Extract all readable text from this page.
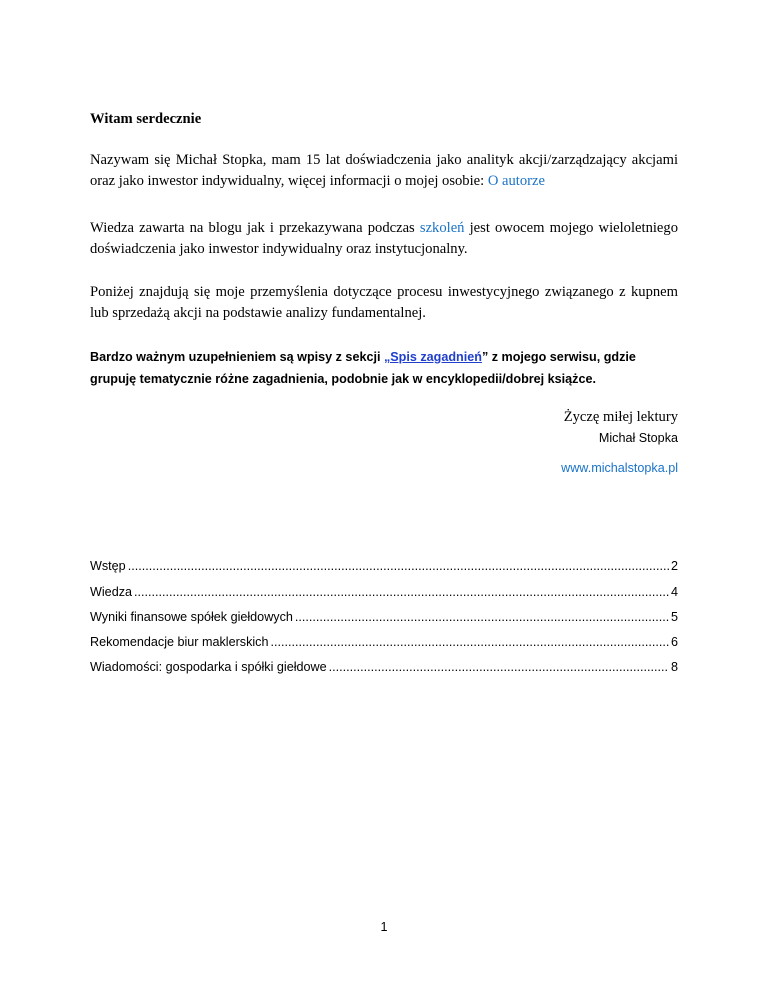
Witam serdecznie
Nazywam się Michał Stopka, mam 15 lat doświadczenia jako analityk akcji/zarządzający akcjami oraz jako inwestor indywidualny, więcej informacji o mojej osobie: O autorze
Wiedza zawarta na blogu jak i przekazywana podczas szkoleń jest owocem mojego wieloletniego doświadczenia jako inwestor indywidualny oraz instytucjonalny.
Poniżej znajdują się moje przemyślenia dotyczące procesu inwestycyjnego związanego z kupnem lub sprzedażą akcji na podstawie analizy fundamentalnej.
Bardzo ważnym uzupełnieniem są wpisy z sekcji „Spis zagadnień” z mojego serwisu, gdzie grupuję tematycznie różne zagadnienia, podobnie jak w encyklopedii/dobrej książce.
Życzę miłej lektury
Michał Stopka
www.michalstopka.pl
Wstęp .....	2
Wiedza .....	4
Wyniki finansowe spółek giełdowych .....	5
Rekomendacje biur maklerskich .....	6
Wiadomości: gospodarka i spółki giełdowe .....	8
1
